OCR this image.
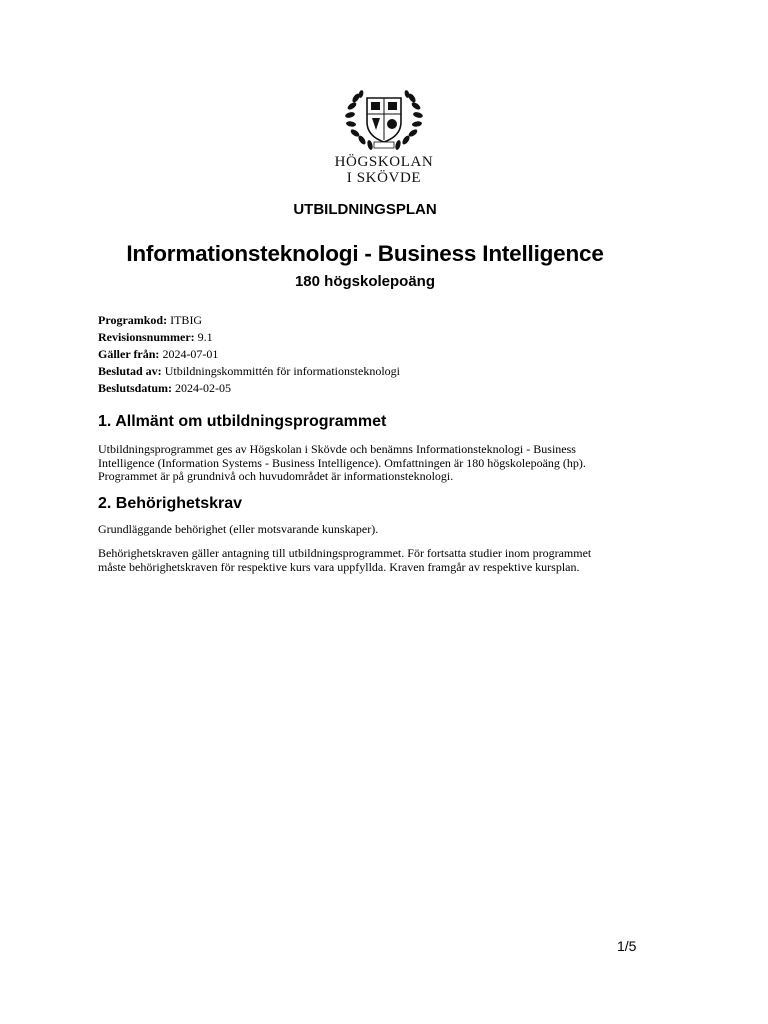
HÖGSKOLAN
I SKÖVDE
UTBILDNINGSPLAN
Informationsteknologi - Business Intelligence
180 högskolepoäng
Programkod: ITBIG
Revisionsnummer: 9.1
Gäller från: 2024-07-01
Beslutad av: Utbildningskommittén för informationsteknologi
Beslutsdatum: 2024-02-05
1. Allmänt om utbildningsprogrammet
Utbildningsprogrammet ges av Högskolan i Skövde och benämns Informationsteknologi - Business
Intelligence (Information Systems - Business Intelligence). Omfattningen är 180 högskolepoäng (hp).
Programmet är på grundnivå och huvudområdet är informationsteknologi.
2. Behörighetskrav
Grundläggande behörighet (eller motsvarande kunskaper).
Behörighetskraven gäller antagning till utbildningsprogrammet. För fortsatta studier inom programmet
måste behörighetskraven för respektive kurs vara uppfyllda. Kraven framgår av respektive kursplan.
1/5
